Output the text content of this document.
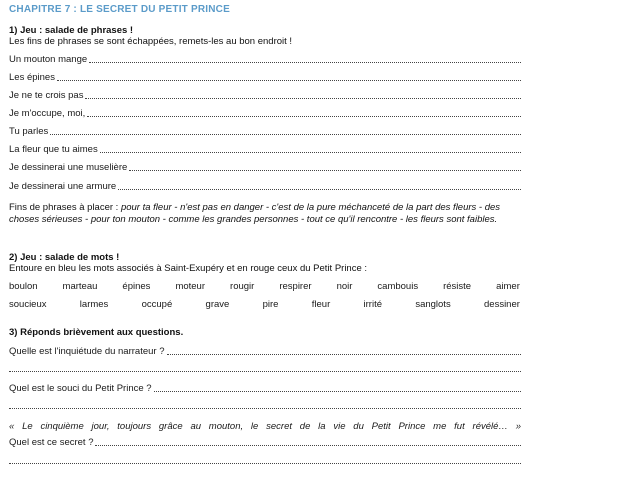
CHAPITRE 7 : LE SECRET DU PETIT PRINCE
1) Jeu : salade de phrases !
Les fins de phrases se sont échappées, remets-les au bon endroit !
Un mouton mange
Les épines
Je ne te crois pas
Je m'occupe, moi,
Tu parles
La fleur que tu aimes
Je dessinerai une muselière
Je dessinerai une armure
Fins de phrases à placer : pour ta fleur - n'est pas en danger - c'est de la pure méchanceté de la part des fleurs - des choses sérieuses - pour ton mouton - comme les grandes personnes - tout ce qu'il rencontre - les fleurs sont faibles.
2) Jeu : salade de mots !
Entoure en bleu les mots associés à Saint-Exupéry et en rouge ceux du Petit Prince :
boulon	marteau	épines	moteur	rougir	respirer	noir	cambouis	résiste	aimer
soucieux	larmes	occupé	grave	pire	fleur	irrité	sanglots	dessiner
3) Réponds brièvement aux questions.
Quelle est l'inquiétude du narrateur ?
Quel est le souci du Petit Prince ?
« Le cinquième jour, toujours grâce au mouton, le secret de la vie du Petit Prince me fut révélé… »
Quel est ce secret ?
